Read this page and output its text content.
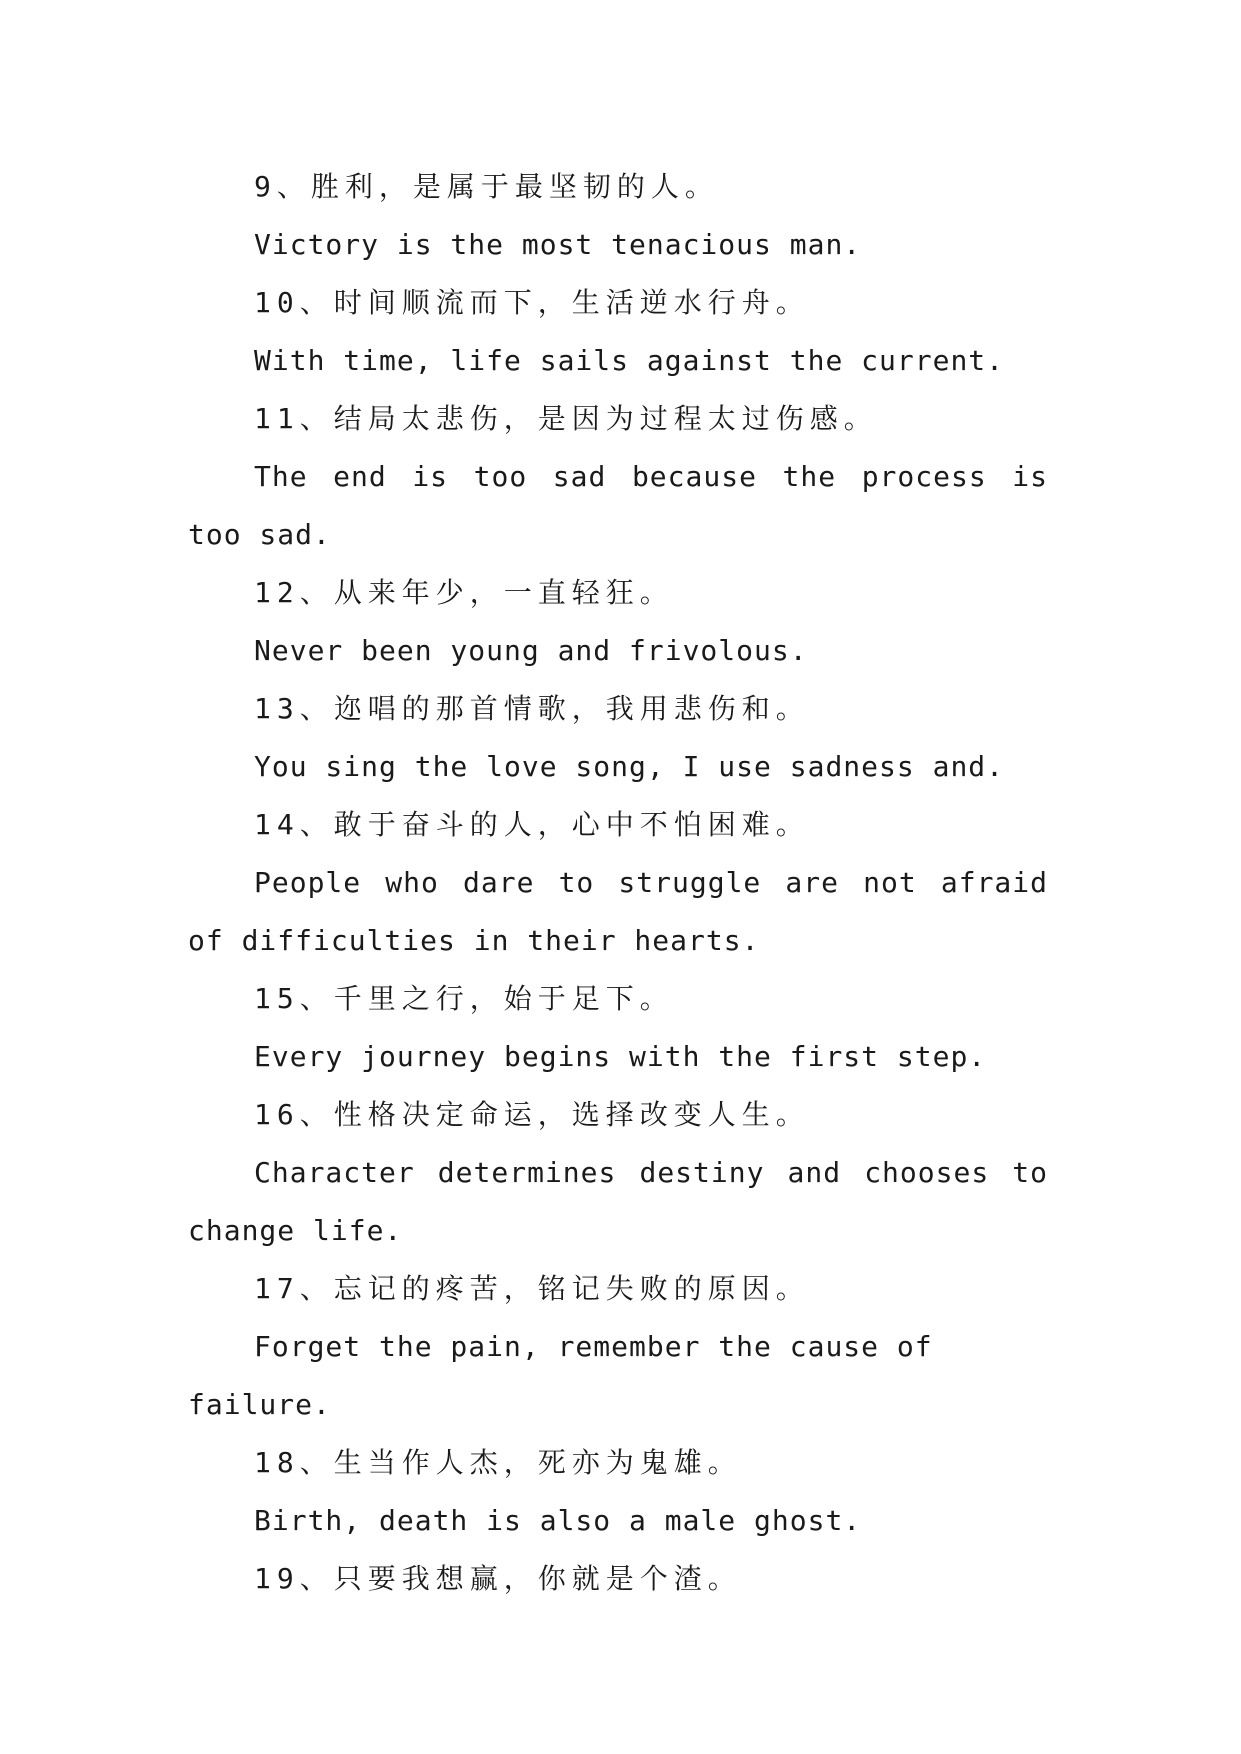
9、胜利，是属于最坚韧的人。

Victory is the most tenacious man.

10、时间顺流而下，生活逆水行舟。

With time, life sails against the current.

11、结局太悲伤，是因为过程太过伤感。

The end is too sad because the process is too sad.

12、从来年少，一直轻狂。

Never been young and frivolous.

13、迩唱的那首情歌，我用悲伤和。

You sing the love song, I use sadness and.

14、敢于奋斗的人，心中不怕困难。

People who dare to struggle are not afraid of difficulties in their hearts.

15、千里之行，始于足下。

Every journey begins with the first step.

16、性格决定命运，选择改变人生。

Character determines destiny and chooses to change life.

17、忘记的疼苦，铭记失败的原因。

Forget the pain, remember the cause of failure.

18、生当作人杰，死亦为鬼雄。

Birth, death is also a male ghost.

19、只要我想赢，你就是个渣。
